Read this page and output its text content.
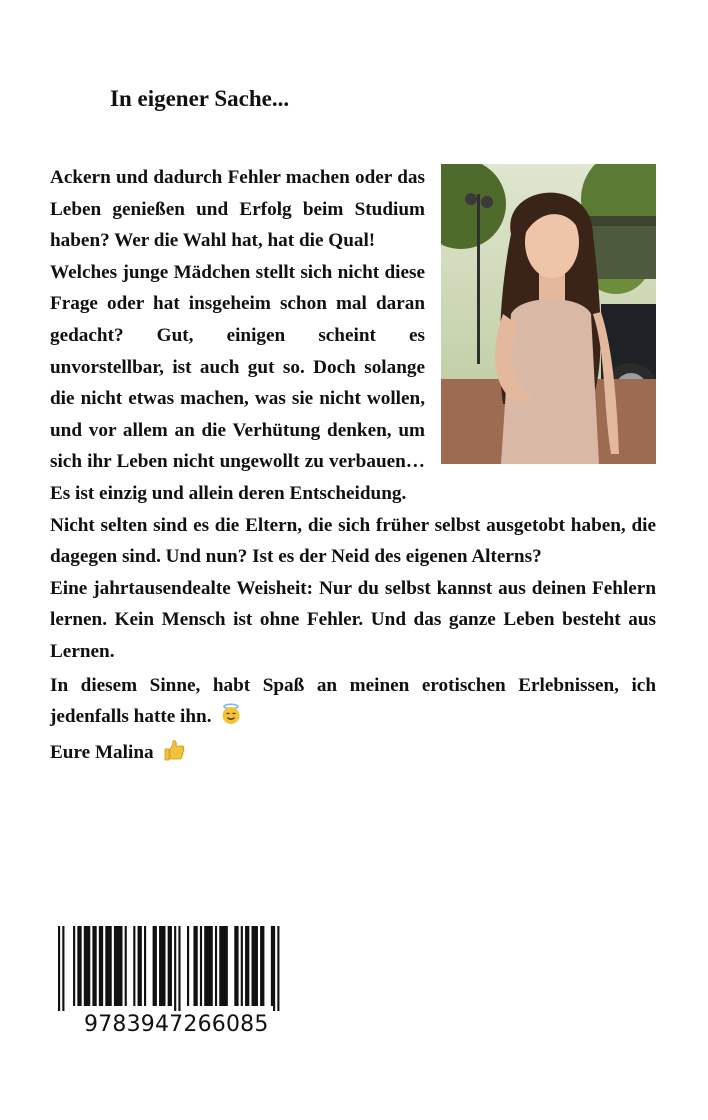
In eigener Sache...

Ackern und dadurch Fehler machen oder das Leben genießen und Erfolg beim Studium haben? Wer die Wahl hat, hat die Qual!

Welches junge Mädchen stellt sich nicht diese Frage oder hat insgeheim schon mal daran gedacht? Gut, einigen scheint es unvorstellbar, ist auch gut so. Doch solange die nicht etwas machen, was sie nicht wollen, und vor allem an die Verhütung denken, um sich ihr Leben nicht ungewollt zu verbauen… Es ist einzig und allein deren Entscheidung.

Nicht selten sind es die Eltern, die sich früher selbst ausgetobt haben, die dagegen sind. Und nun? Ist es der Neid des eigenen Alterns?

Eine jahrtausendealte Weisheit: Nur du selbst kannst aus deinen Fehlern lernen. Kein Mensch ist ohne Fehler. Und das ganze Leben besteht aus Lernen.

In diesem Sinne, habt Spaß an meinen erotischen Erlebnissen, ich jedenfalls hatte ihn.

Eure Malina

9783947266085
